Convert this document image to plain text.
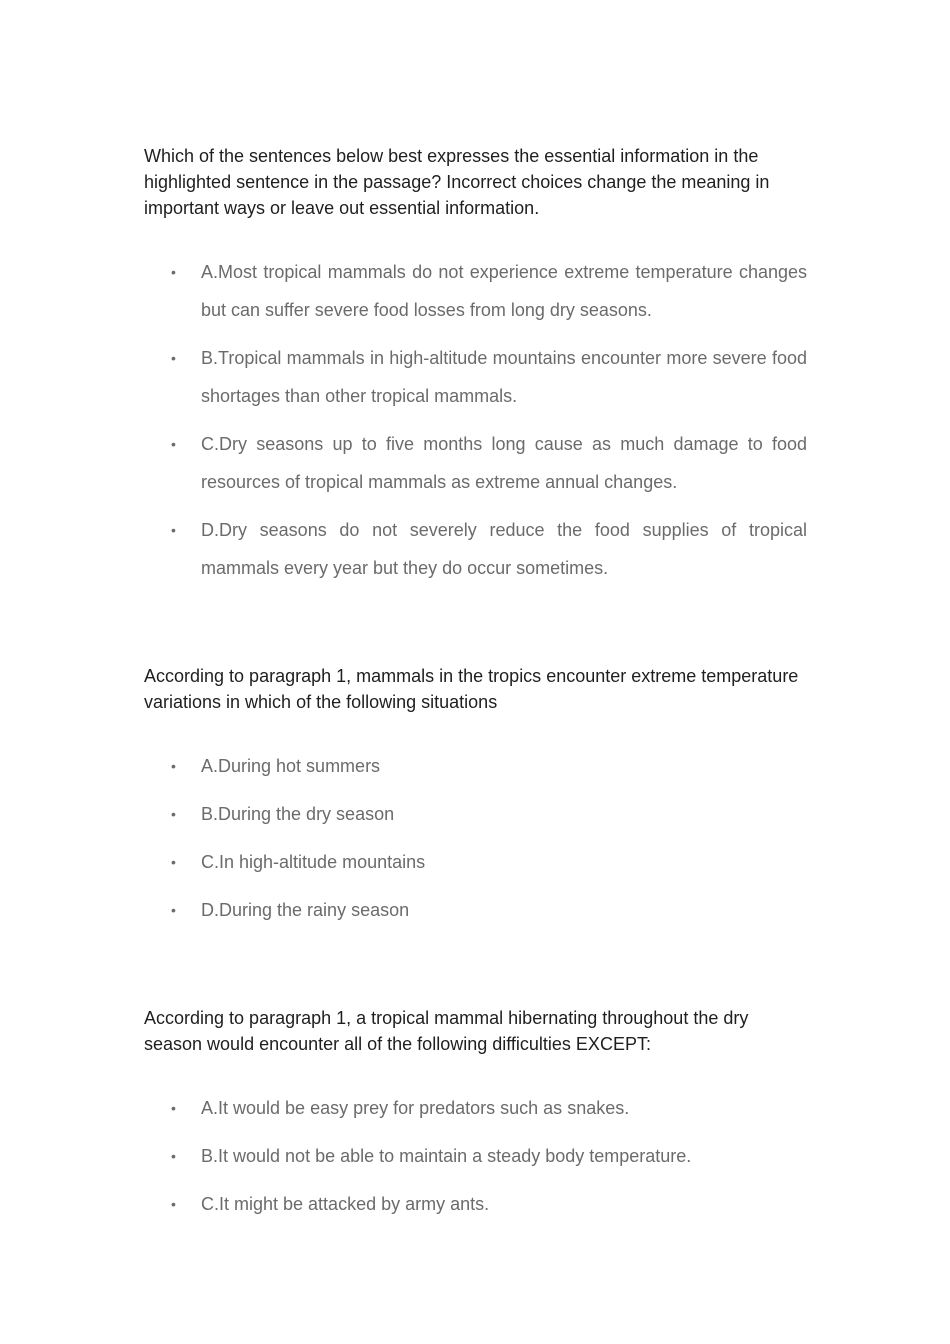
Which of the sentences below best expresses the essential information in the highlighted sentence in the passage? Incorrect choices change the meaning in important ways or leave out essential information.

• A.Most tropical mammals do not experience extreme temperature changes but can suffer severe food losses from long dry seasons.
• B.Tropical mammals in high-altitude mountains encounter more severe food shortages than other tropical mammals.
• C.Dry seasons up to five months long cause as much damage to food resources of tropical mammals as extreme annual changes.
• D.Dry seasons do not severely reduce the food supplies of tropical mammals every year but they do occur sometimes.

According to paragraph 1, mammals in the tropics encounter extreme temperature variations in which of the following situations

• A.During hot summers
• B.During the dry season
• C.In high-altitude mountains
• D.During the rainy season

According to paragraph 1, a tropical mammal hibernating throughout the dry season would encounter all of the following difficulties EXCEPT:

• A.It would be easy prey for predators such as snakes.
• B.It would not be able to maintain a steady body temperature.
• C.It might be attacked by army ants.
